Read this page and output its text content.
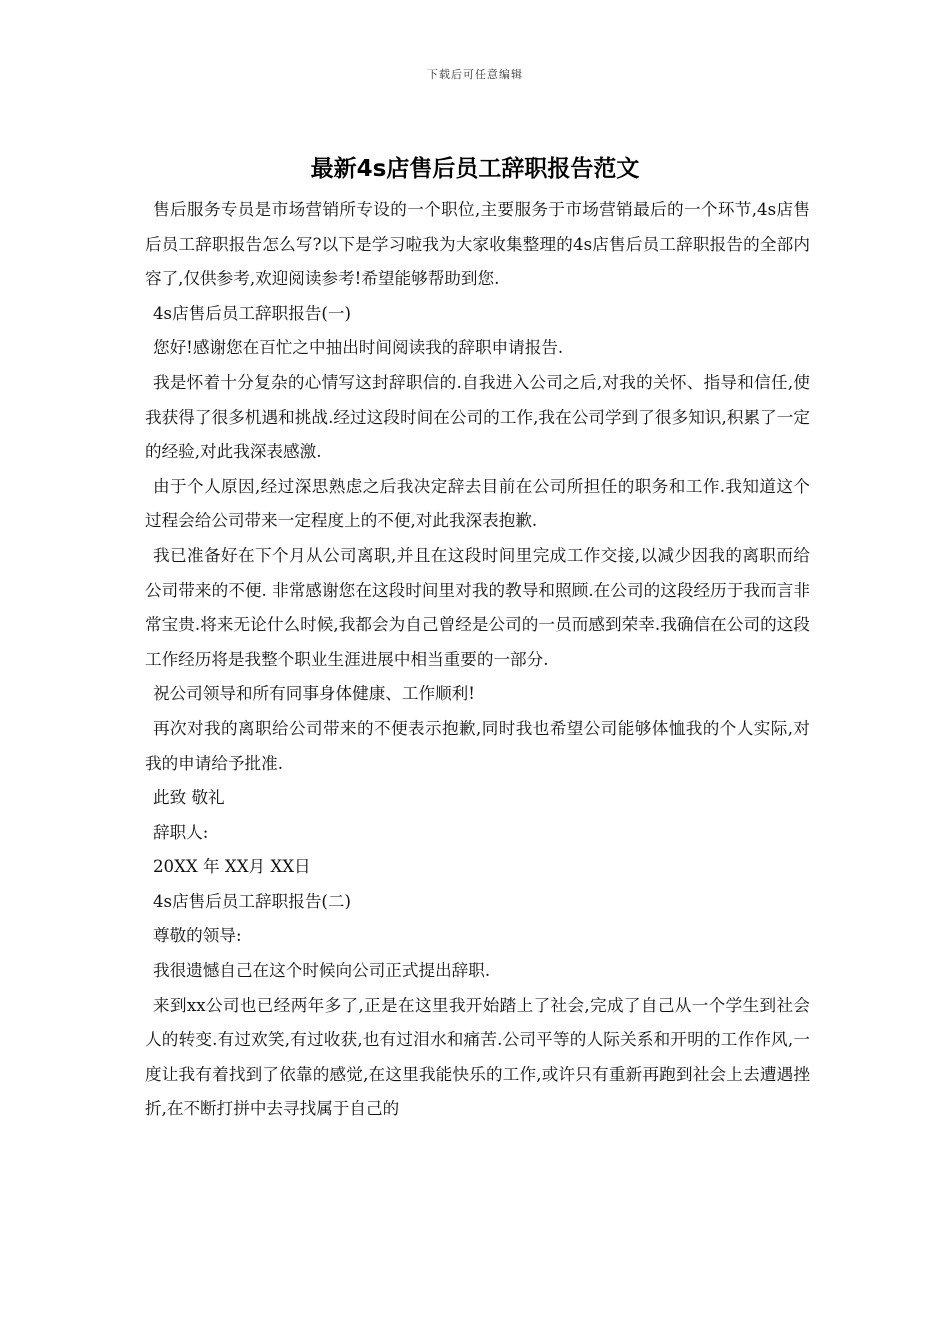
下载后可任意编辑
最新4s店售后员工辞职报告范文

售后服务专员是市场营销所专设的一个职位,主要服务于市场营销最后的一个环节,4s店售后员工辞职报告怎么写?以下是学习啦我为大家收集整理的4s店售后员工辞职报告的全部内容了,仅供参考,欢迎阅读参考!希望能够帮助到您.

4s店售后员工辞职报告(一)

您好!感谢您在百忙之中抽出时间阅读我的辞职申请报告.

我是怀着十分复杂的心情写这封辞职信的.自我进入公司之后,对我的关怀、指导和信任,使我获得了很多机遇和挑战.经过这段时间在公司的工作,我在公司学到了很多知识,积累了一定的经验,对此我深表感激.

由于个人原因,经过深思熟虑之后我决定辞去目前在公司所担任的职务和工作.我知道这个过程会给公司带来一定程度上的不便,对此我深表抱歉.

我已准备好在下个月从公司离职,并且在这段时间里完成工作交接,以减少因我的离职而给公司带来的不便. 非常感谢您在这段时间里对我的教导和照顾.在公司的这段经历于我而言非常宝贵.将来无论什么时候,我都会为自己曾经是公司的一员而感到荣幸.我确信在公司的这段工作经历将是我整个职业生涯进展中相当重要的一部分.

祝公司领导和所有同事身体健康、工作顺利!

再次对我的离职给公司带来的不便表示抱歉,同时我也希望公司能够体恤我的个人实际,对我的申请给予批准.

此致 敬礼

辞职人:

20XX 年 XX月 XX日

4s店售后员工辞职报告(二)

尊敬的领导:

我很遗憾自己在这个时候向公司正式提出辞职.

来到xx公司也已经两年多了,正是在这里我开始踏上了社会,完成了自己从一个学生到社会人的转变.有过欢笑,有过收获,也有过泪水和痛苦.公司平等的人际关系和开明的工作作风,一度让我有着找到了依靠的感觉,在这里我能快乐的工作,或许只有重新再跑到社会上去遭遇挫折,在不断打拼中去寻找属于自己的
